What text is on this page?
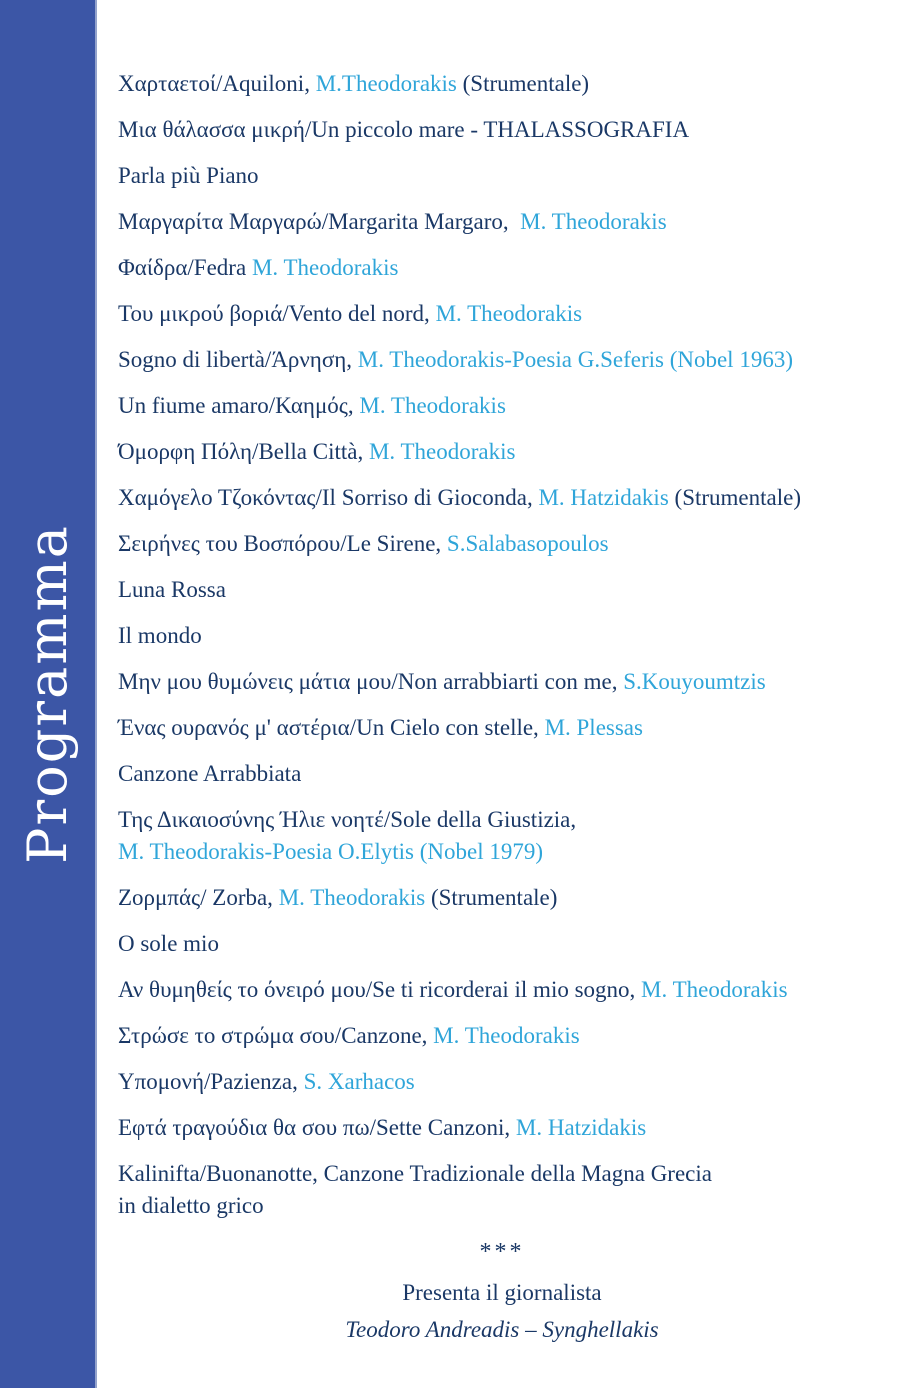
Programma
Χαρταετοί/Aquiloni, M.Theodorakis (Strumentale)
Μια θάλασσα μικρή/Un piccolo mare - THALASSOGRAFIA
Parla più Piano
Μαργαρίτα Μαργαρώ/Margarita Margaro,  M. Theodorakis
Φαίδρα/Fedra M. Theodorakis
Του μικρού βοριά/Vento del nord, M. Theodorakis
Sogno di libertà/Άρνηση, M. Theodorakis-Poesia G.Seferis (Nobel 1963)
Un fiume amaro/Καημός, M. Theodorakis
Όμορφη Πόλη/Bella Città, M. Theodorakis
Χαμόγελο Τζοκόντας/Il Sorriso di Gioconda, M. Hatzidakis (Strumentale)
Σειρήνες του Βοσπόρου/Le Sirene, S.Salabasopoulos
Luna Rossa
Il mondo
Μην μου θυμώνεις μάτια μου/Non arrabbiarti con me, S.Kouyoumtzis
Ένας ουρανός μ' αστέρια/Un Cielo con stelle, M. Plessas
Canzone Arrabbiata
Της Δικαιοσύνης Ήλιε νοητέ/Sole della Giustizia,
M. Theodorakis-Poesia O.Elytis (Nobel 1979)
Ζορμπάς/ Zorba, M. Theodorakis (Strumentale)
O sole mio
Αν θυμηθείς το όνειρό μου/Se ti ricorderai il mio sogno, M. Theodorakis
Στρώσε το στρώμα σου/Canzone, M. Theodorakis
Υπομονή/Pazienza, S. Xarhacos
Εφτά τραγούδια θα σου πω/Sette Canzoni, M. Hatzidakis
Kalinifta/Buonanotte, Canzone Tradizionale della Magna Grecia
in dialetto grico
***
Presenta il giornalista
Teodoro Andreadis – Synghellakis
